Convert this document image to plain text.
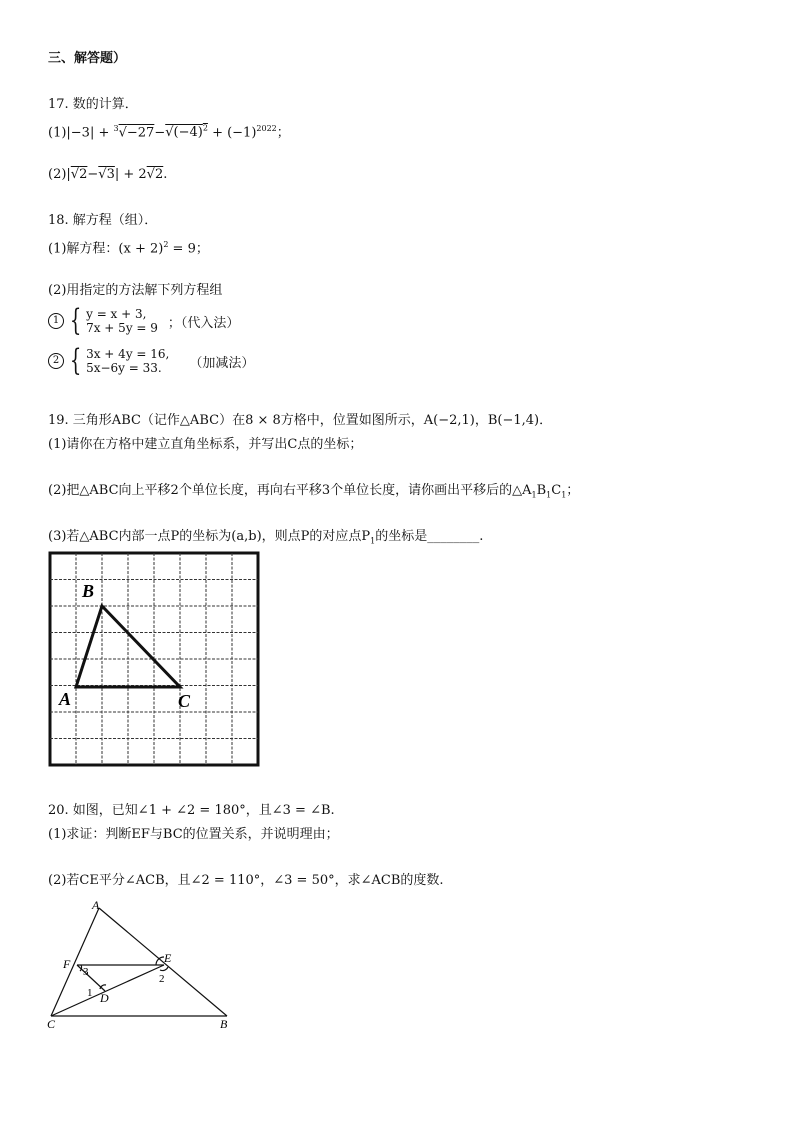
三、解答题）
17. 数的计算．
$(1)|-3| + ^3√-27-√(-4)^2 + (-1)^{2022}$；
(2)|√2−√3| + 2√2.
18. 解方程（组）．
(1)解方程：$(x + 2)^2 = 9$；
(2)用指定的方法解下列方程组
1 { y = x + 3,
7x + 5y = 9 ；（代入法）
2 { 3x + 4y = 16,
5x−6y = 33.	（加减法）
19. 三角形ABC（记作△ABC）在8 × 8方格中，位置如图所示，A(−2,1)，B(−1,4)．
(1)请你在方格中建立直角坐标系，并写出C点的坐标；
(2)把△ABC向上平移2个单位长度，再向右平移3个单位长度，请你画出平移后的$\triangle A_1B_1C_1$；
(3)若△ABC内部一点P的坐标为(a,b)，则点P的对应点$P_1$的坐标是________.
B
A	C
20. 如图，已知∠1 + ∠2 = 180°，且∠3 = ∠B.
(1)求证：判断EF与BC的位置关系，并说明理由；
(2)若CE平分∠ACB，且∠2 = 110°，∠3 = 50°，求∠ACB的度数.
A
F	E
D
C	B
3
2
1
